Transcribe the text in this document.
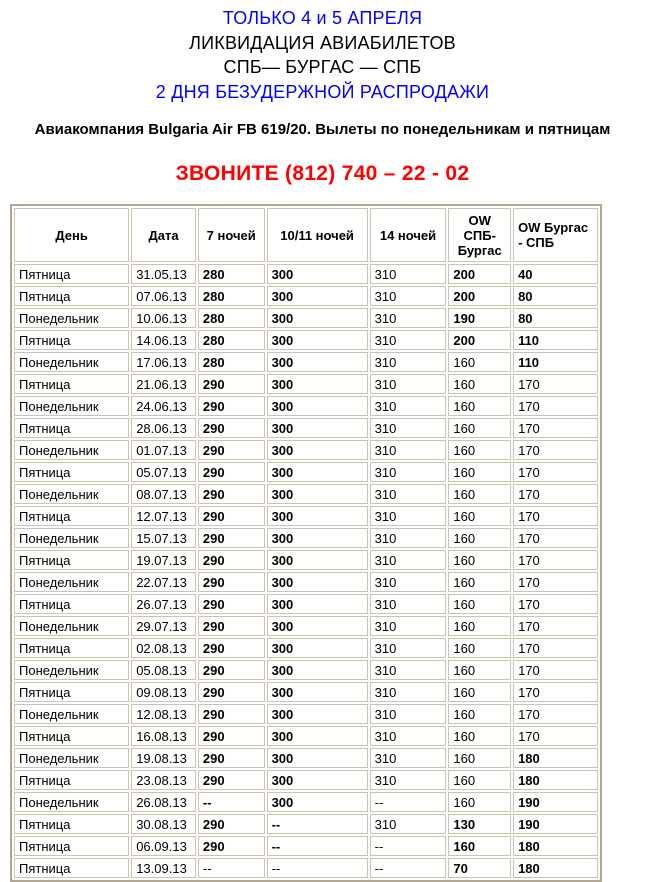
ТОЛЬКО 4 и 5 АПРЕЛЯ
ЛИКВИДАЦИЯ АВИАБИЛЕТОВ
СПБ— БУРГАС — СПБ
2 ДНЯ БЕЗУДЕРЖНОЙ РАСПРОДАЖИ
Авиакомпания Bulgaria Air FB 619/20. Вылеты по понедельникам и пятницам
ЗВОНИТЕ (812) 740 – 22 - 02
День	Дата	7 ночей	10/11 ночей	14 ночей	OW СПБ-Бургас	OW Бургас - СПБ
Пятница	31.05.13	280	300	310	200	40
Пятница	07.06.13	280	300	310	200	80
Понедельник	10.06.13	280	300	310	190	80
Пятница	14.06.13	280	300	310	200	110
Понедельник	17.06.13	280	300	310	160	110
Пятница	21.06.13	290	300	310	160	170
Понедельник	24.06.13	290	300	310	160	170
Пятница	28.06.13	290	300	310	160	170
Понедельник	01.07.13	290	300	310	160	170
Пятница	05.07.13	290	300	310	160	170
Понедельник	08.07.13	290	300	310	160	170
Пятница	12.07.13	290	300	310	160	170
Понедельник	15.07.13	290	300	310	160	170
Пятница	19.07.13	290	300	310	160	170
Понедельник	22.07.13	290	300	310	160	170
Пятница	26.07.13	290	300	310	160	170
Понедельник	29.07.13	290	300	310	160	170
Пятница	02.08.13	290	300	310	160	170
Понедельник	05.08.13	290	300	310	160	170
Пятница	09.08.13	290	300	310	160	170
Понедельник	12.08.13	290	300	310	160	170
Пятница	16.08.13	290	300	310	160	170
Понедельник	19.08.13	290	300	310	160	180
Пятница	23.08.13	290	300	310	160	180
Понедельник	26.08.13	--	300	--	160	190
Пятница	30.08.13	290	--	310	130	190
Пятница	06.09.13	290	--	--	160	180
Пятница	13.09.13	--	--	--	70	180
